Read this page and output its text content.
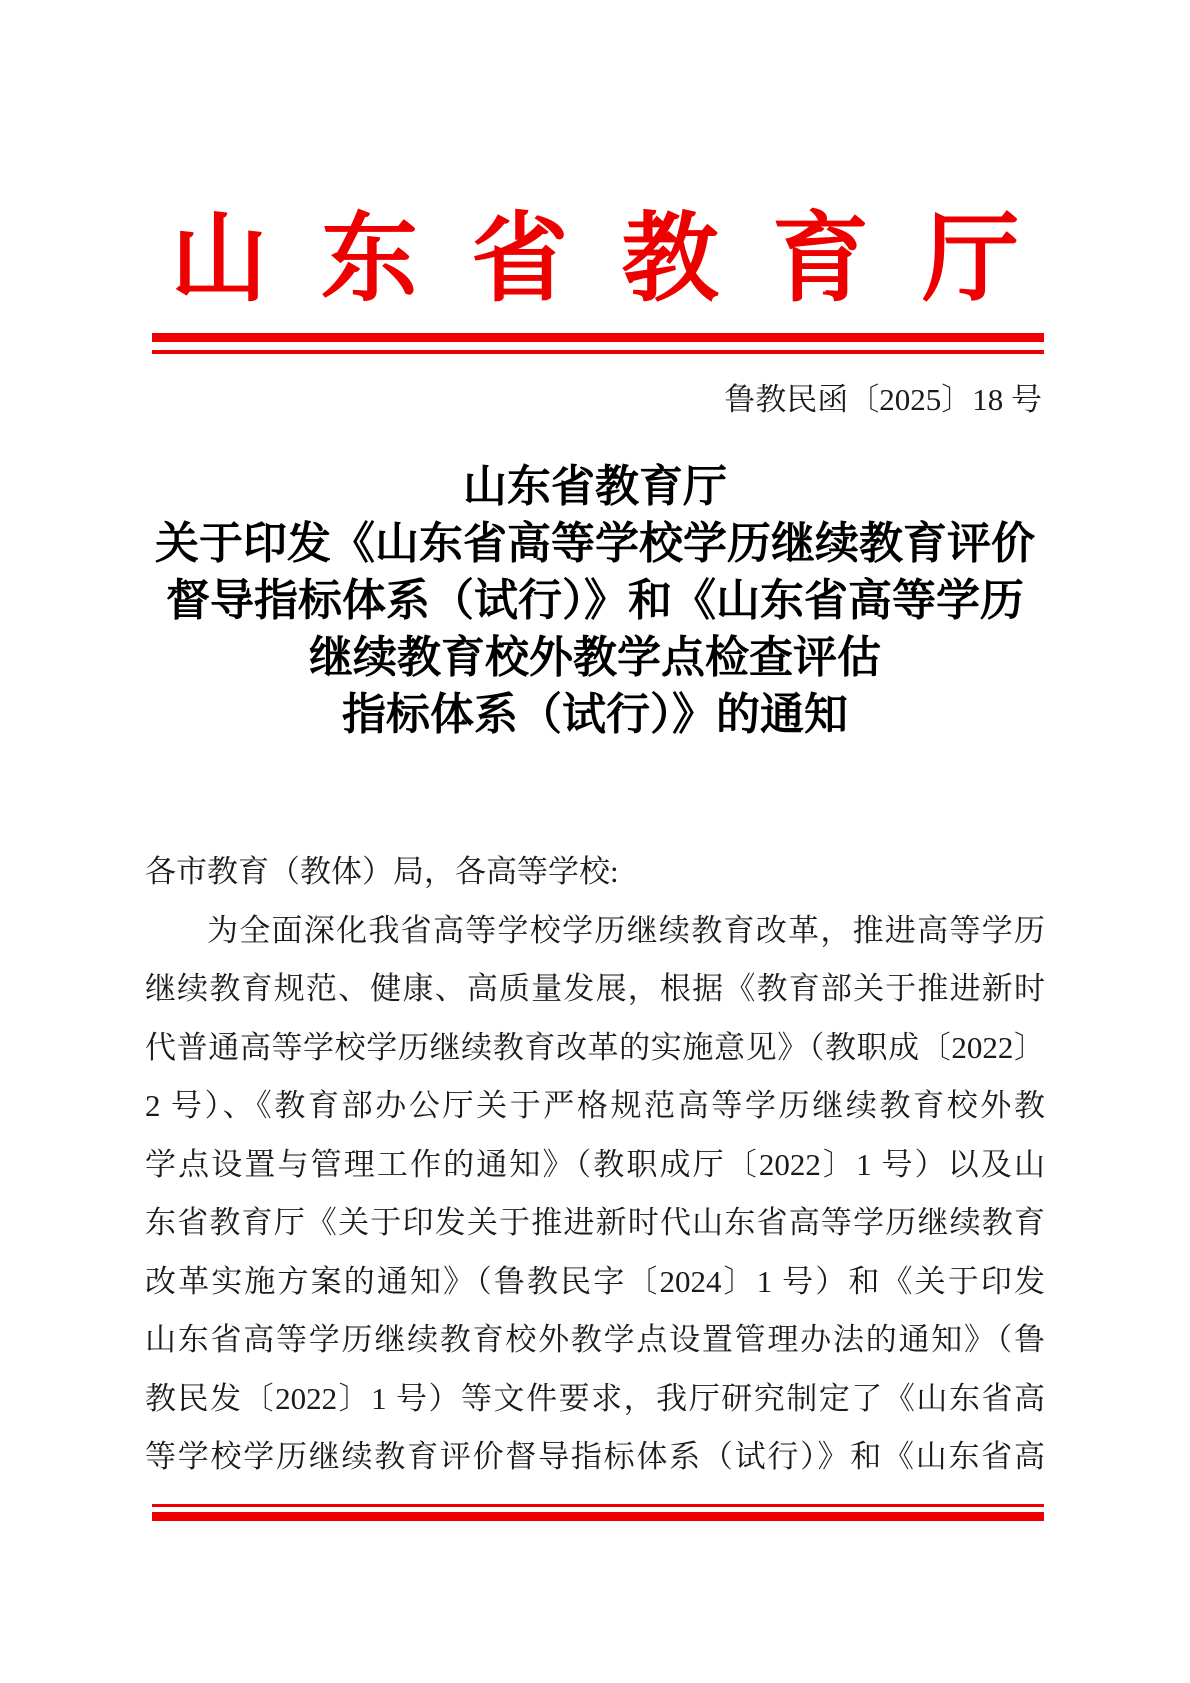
山东省教育厅
鲁教民函〔2025〕18 号
山东省教育厅
关于印发《山东省高等学校学历继续教育评价
督导指标体系（试行）》和《山东省高等学历
继续教育校外教学点检查评估
指标体系（试行）》的通知
各市教育（教体）局，各高等学校:
为全面深化我省高等学校学历继续教育改革，推进高等学历
继续教育规范、健康、高质量发展，根据《教育部关于推进新时
代普通高等学校学历继续教育改革的实施意见》（教职成〔2022〕
2 号）、《教育部办公厅关于严格规范高等学历继续教育校外教
学点设置与管理工作的通知》（教职成厅〔2022〕1 号）以及山
东省教育厅《关于印发关于推进新时代山东省高等学历继续教育
改革实施方案的通知》（鲁教民字〔2024〕1 号）和《关于印发
山东省高等学历继续教育校外教学点设置管理办法的通知》（鲁
教民发〔2022〕1 号）等文件要求，我厅研究制定了《山东省高
等学校学历继续教育评价督导指标体系（试行）》和《山东省高
